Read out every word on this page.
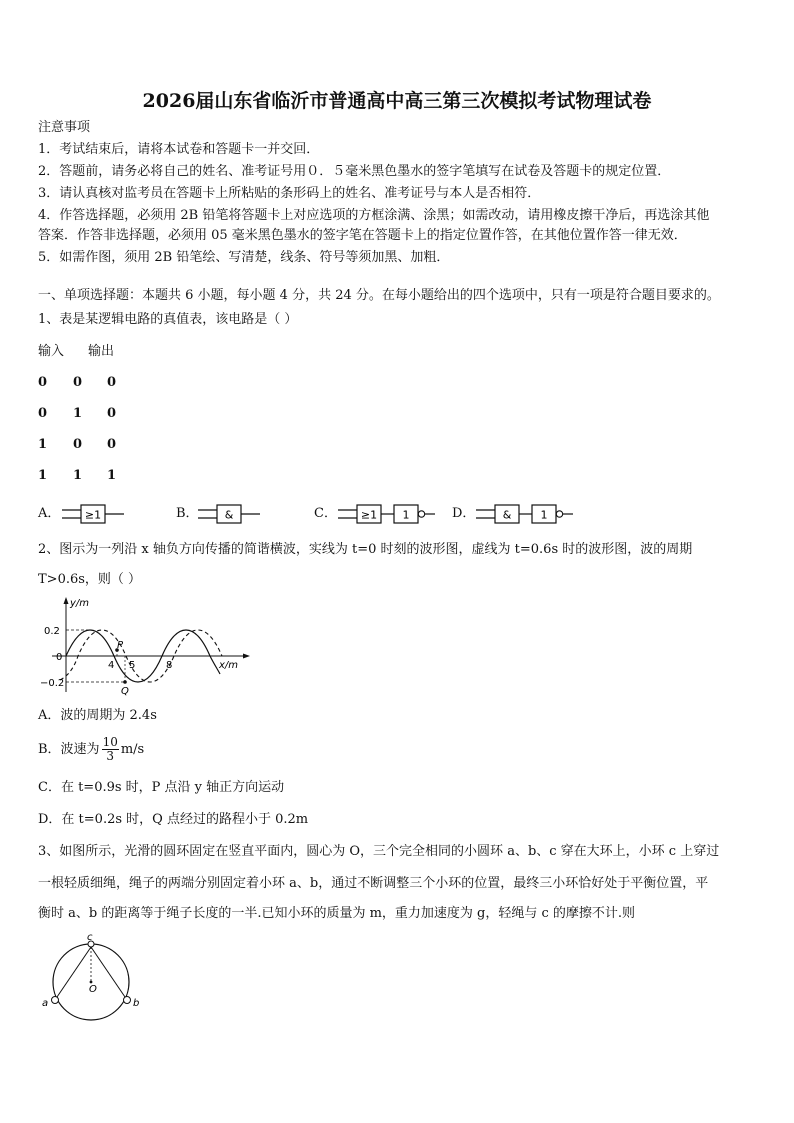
2026届山东省临沂市普通高中高三第三次模拟考试物理试卷
注意事项
1．考试结束后，请将本试卷和答题卡一并交回．
2．答题前，请务必将自己的姓名、准考证号用０．５毫米黑色墨水的签字笔填写在试卷及答题卡的规定位置．
3．请认真核对监考员在答题卡上所粘贴的条形码上的姓名、准考证号与本人是否相符．
4．作答选择题，必须用 2B 铅笔将答题卡上对应选项的方框涂满、涂黑；如需改动，请用橡皮擦干净后，再选涂其他
答案．作答非选择题，必须用 05 毫米黑色墨水的签字笔在答题卡上的指定位置作答，在其他位置作答一律无效．
5．如需作图，须用 2B 铅笔绘、写清楚，线条、符号等须加黑、加粗．
一、单项选择题：本题共 6 小题，每小题 4 分，共 24 分。在每小题给出的四个选项中，只有一项是符合题目要求的。
1、表是某逻辑电路的真值表，该电路是（ ）
输入 输出
0 0 0
0 1 0
1 0 0
1 1 1
A． ≥1	B． &	C． ≥1 1	D． &	1
2、图示为一列沿 x 轴负方向传播的简谐横波，实线为 t=0 时刻的波形图，虚线为 t=0.6s 时的波形图，波的周期
T>0.6s，则（ ）
y/m
x/m
0.2
0
−0.2
4 5	8
P
Q
A．波的周期为 2.4s
B．波速为 $\frac{10}{3} m/s$
C．在 t=0.9s 时，P 点沿 y 轴正方向运动
D．在 t=0.2s 时，Q 点经过的路程小于 0.2m
3、如图所示，光滑的圆环固定在竖直平面内，圆心为 O，三个完全相同的小圆环 a、b、c 穿在大环上，小环 c 上穿过
一根轻质细绳，绳子的两端分别固定着小环 a、b，通过不断调整三个小环的位置，最终三小环恰好处于平衡位置，平
衡时 a、b 的距离等于绳子长度的一半.已知小环的质量为 m，重力加速度为 g，轻绳与 c 的摩擦不计.则
c
O
a	b
